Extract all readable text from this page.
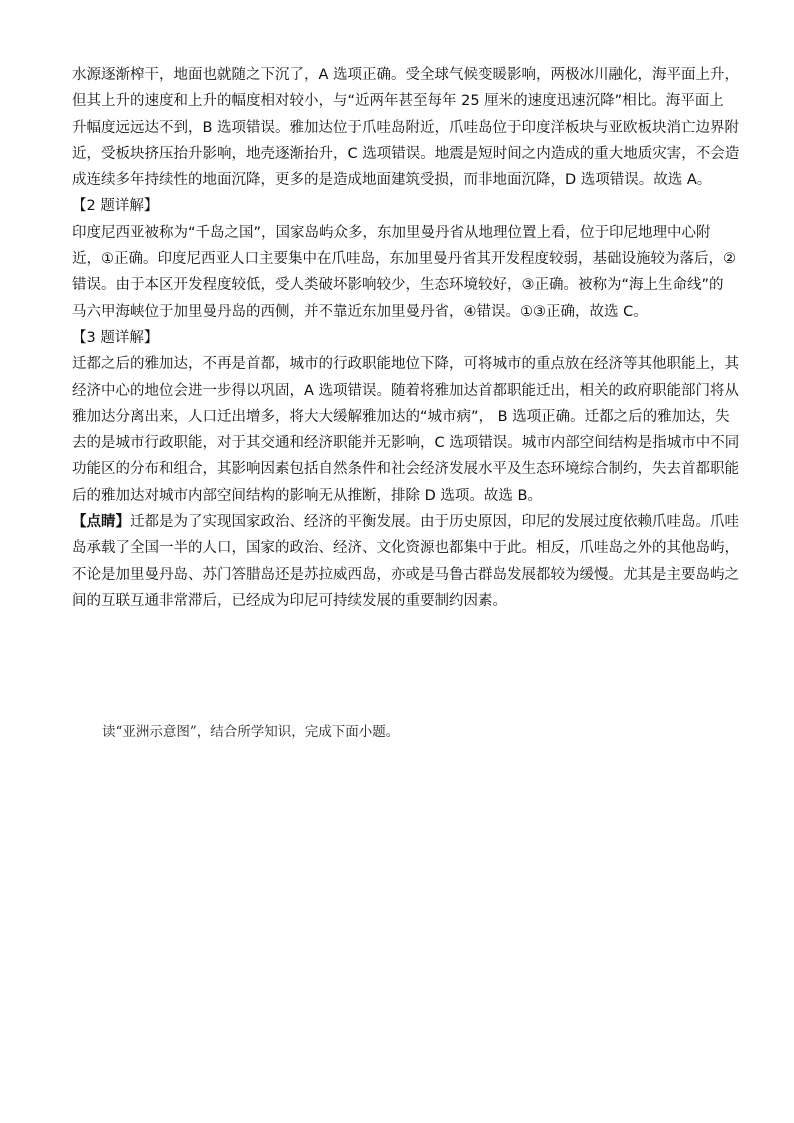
水源逐渐榨干，地面也就随之下沉了，A 选项正确。受全球气候变暖影响，两极冰川融化，海平面上升，
但其上升的速度和上升的幅度相对较小，与“近两年甚至每年 25 厘米的速度迅速沉降”相比。海平面上
升幅度远远达不到，B 选项错误。雅加达位于爪哇岛附近，爪哇岛位于印度洋板块与亚欧板块消亡边界附
近，受板块挤压抬升影响，地壳逐渐抬升，C 选项错误。地震是短时间之内造成的重大地质灾害，不会造
成连续多年持续性的地面沉降，更多的是造成地面建筑受损，而非地面沉降，D 选项错误。故选 A。

【2 题详解】

印度尼西亚被称为“千岛之国”，国家岛屿众多，东加里曼丹省从地理位置上看，位于印尼地理中心附
近，①正确。印度尼西亚人口主要集中在爪哇岛，东加里曼丹省其开发程度较弱，基础设施较为落后，②
错误。由于本区开发程度较低，受人类破坏影响较少，生态环境较好，③正确。被称为“海上生命线”的
马六甲海峡位于加里曼丹岛的西侧，并不靠近东加里曼丹省，④错误。①③正确，故选 C。

【3 题详解】

迁都之后的雅加达，不再是首都，城市的行政职能地位下降，可将城市的重点放在经济等其他职能上，其
经济中心的地位会进一步得以巩固，A 选项错误。随着将雅加达首都职能迁出，相关的政府职能部门将从
雅加达分离出来，人口迁出增多，将大大缓解雅加达的“城市病”， B 选项正确。迁都之后的雅加达，失
去的是城市行政职能，对于其交通和经济职能并无影响，C 选项错误。城市内部空间结构是指城市中不同
功能区的分布和组合，其影响因素包括自然条件和社会经济发展水平及生态环境综合制约，失去首都职能
后的雅加达对城市内部空间结构的影响无从推断，排除 D 选项。故选 B。

【点睛】迁都是为了实现国家政治、经济的平衡发展。由于历史原因，印尼的发展过度依赖爪哇岛。爪哇
岛承载了全国一半的人口，国家的政治、经济、文化资源也都集中于此。相反，爪哇岛之外的其他岛屿，
不论是加里曼丹岛、苏门答腊岛还是苏拉威西岛，亦或是马鲁古群岛发展都较为缓慢。尤其是主要岛屿之
间的互联互通非常滞后，已经成为印尼可持续发展的重要制约因素。

读“亚洲示意图”，结合所学知识，完成下面小题。
